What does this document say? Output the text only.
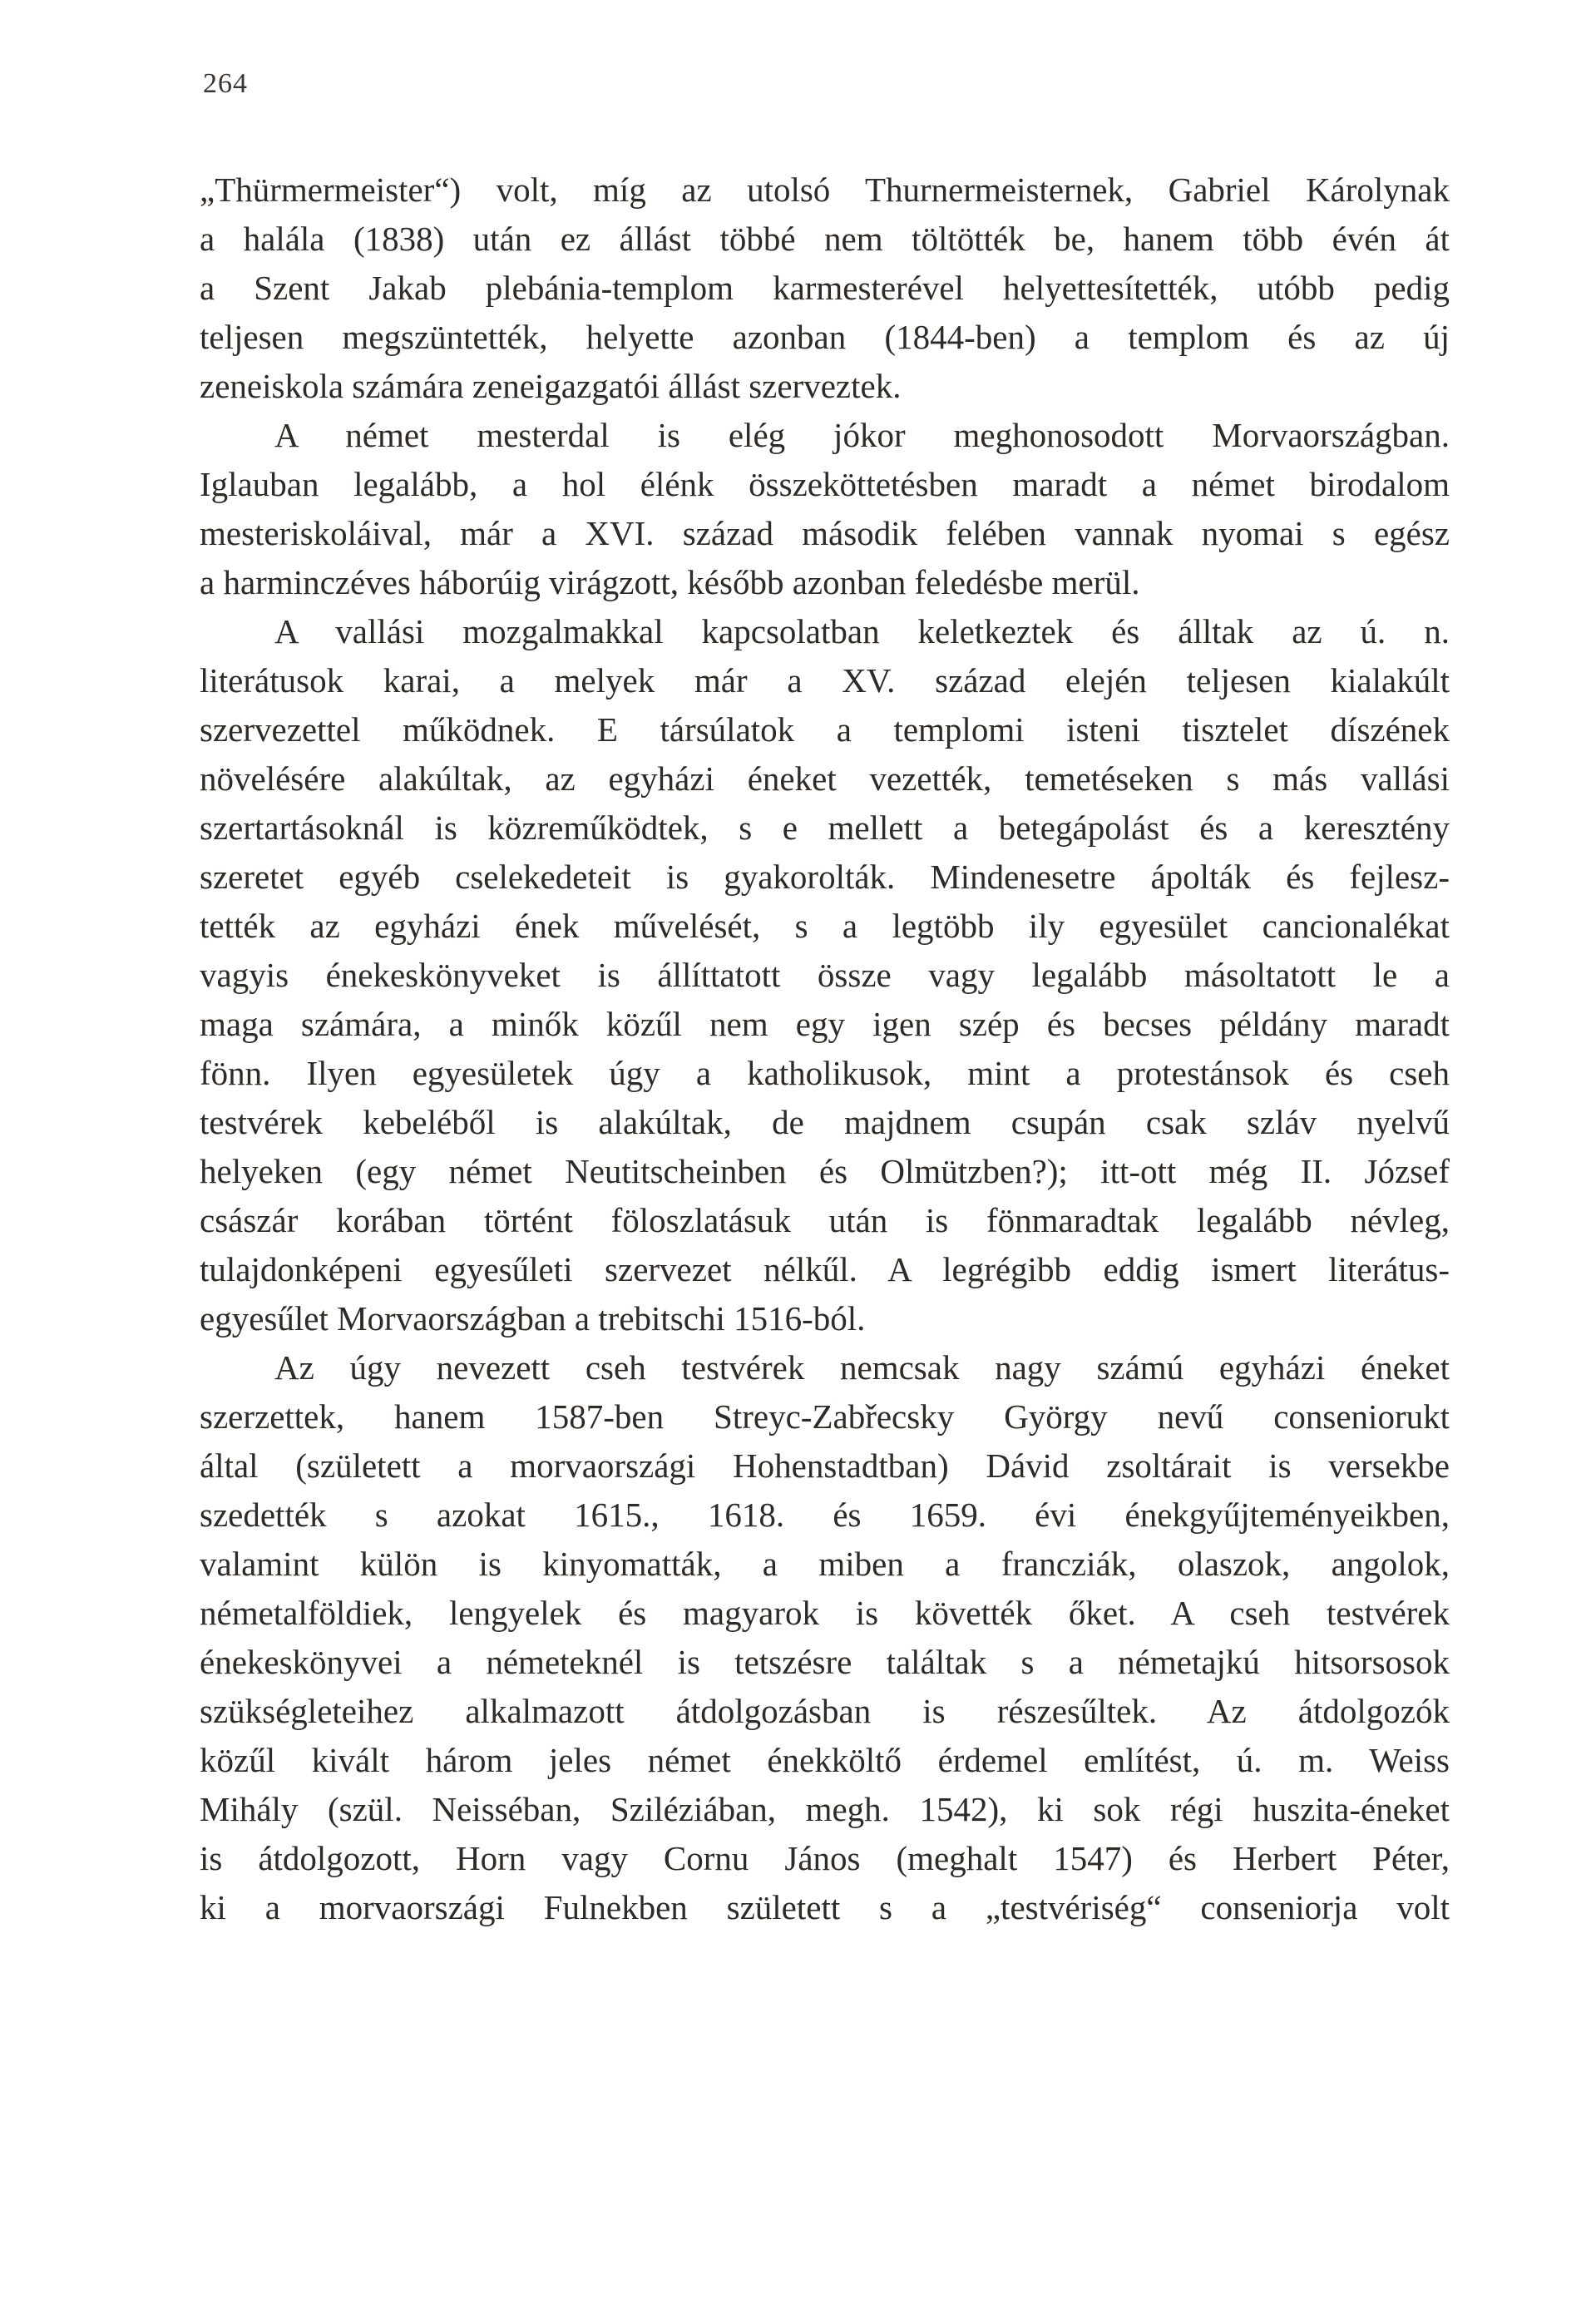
264
„Thürmermeister“) volt, míg az utolsó Thurnermeisternek, Gabriel Károlynak
a halála (1838) után ez állást többé nem töltötték be, hanem több évén át
a Szent Jakab plebánia-templom karmesterével helyettesítették, utóbb pedig
teljesen megszüntették, helyette azonban (1844-ben) a templom és az új
zeneiskola számára zeneigazgatói állást szerveztek.
A német mesterdal is elég jókor meghonosodott Morvaországban.
Iglauban legalább, a hol élénk összeköttetésben maradt a német birodalom
mesteriskoláival, már a XVI. század második felében vannak nyomai s egész
a harminczéves háborúig virágzott, később azonban feledésbe merül.
A vallási mozgalmakkal kapcsolatban keletkeztek és álltak az ú. n.
literátusok karai, a melyek már a XV. század elején teljesen kialakúlt
szervezettel működnek. E társúlatok a templomi isteni tisztelet díszének
növelésére alakúltak, az egyházi éneket vezették, temetéseken s más vallási
szertartásoknál is közreműködtek, s e mellett a betegápolást és a keresztény
szeretet egyéb cselekedeteit is gyakorolták. Mindenesetre ápolták és fejlesz-
tették az egyházi ének művelését, s a legtöbb ily egyesület cancionalékat
vagyis énekeskönyveket is állíttatott össze vagy legalább másoltatott le a
maga számára, a minők közűl nem egy igen szép és becses példány maradt
fönn. Ilyen egyesületek úgy a katholikusok, mint a protestánsok és cseh
testvérek kebeléből is alakúltak, de majdnem csupán csak szláv nyelvű
helyeken (egy német Neutitscheinben és Olmützben?); itt-ott még II. József
császár korában történt föloszlatásuk után is fönmaradtak legalább névleg,
tulajdonképeni egyesűleti szervezet nélkűl. A legrégibb eddig ismert literátus-
egyesűlet Morvaországban a trebitschi 1516-ból.
Az úgy nevezett cseh testvérek nemcsak nagy számú egyházi éneket
szerzettek, hanem 1587-ben Streyc-Zabřecsky György nevű conseniorukt
által (született a morvaországi Hohenstadtban) Dávid zsoltárait is versekbe
szedették s azokat 1615., 1618. és 1659. évi énekgyűjteményeikben,
valamint külön is kinyomatták, a miben a francziák, olaszok, angolok,
németalföldiek, lengyelek és magyarok is követték őket. A cseh testvérek
énekeskönyvei a németeknél is tetszésre találtak s a németajkú hitsorsosok
szükségleteihez alkalmazott átdolgozásban is részesűltek. Az átdolgozók
közűl kivált három jeles német énekköltő érdemel említést, ú. m. Weiss
Mihály (szül. Neisséban, Sziléziában, megh. 1542), ki sok régi huszita-éneket
is átdolgozott, Horn vagy Cornu János (meghalt 1547) és Herbert Péter,
ki a morvaországi Fulnekben született s a „testvériség“ conseniorja volt
